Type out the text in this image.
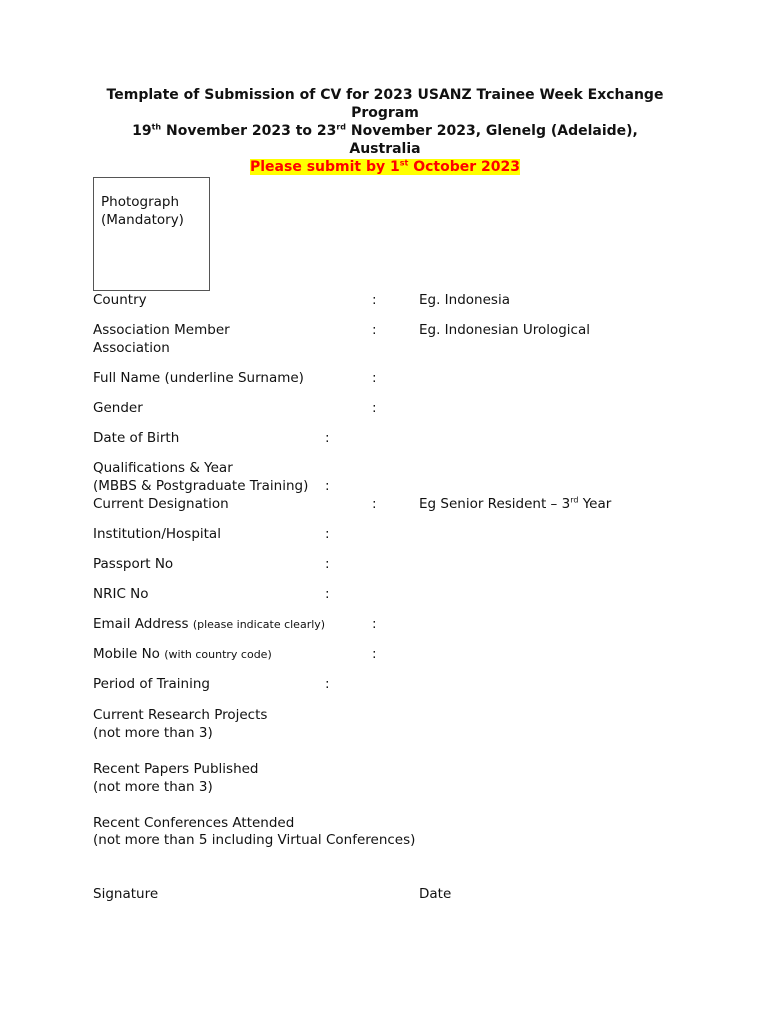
Template of Submission of CV for 2023 USANZ Trainee Week Exchange
Program
19th November 2023 to 23rd November 2023, Glenelg (Adelaide),
Australia
Please submit by 1st October 2023
Photograph
(Mandatory)
Country	:	Eg. Indonesia
Association Member
Association
:	Eg. Indonesian Urological
Full Name (underline Surname)	:
Gender	:
Date of Birth	:
Qualifications & Year
(MBBS & Postgraduate Training) :
Current Designation	:	Eg Senior Resident – 3rd Year
Institution/Hospital	:
Passport No	:
NRIC No	:
Email Address (please indicate clearly)	:
Mobile No (with country code)	:
Period of Training	:
Current Research Projects
(not more than 3)
Recent Papers Published
(not more than 3)
Recent Conferences Attended
(not more than 5 including Virtual Conferences)
Signature	Date
